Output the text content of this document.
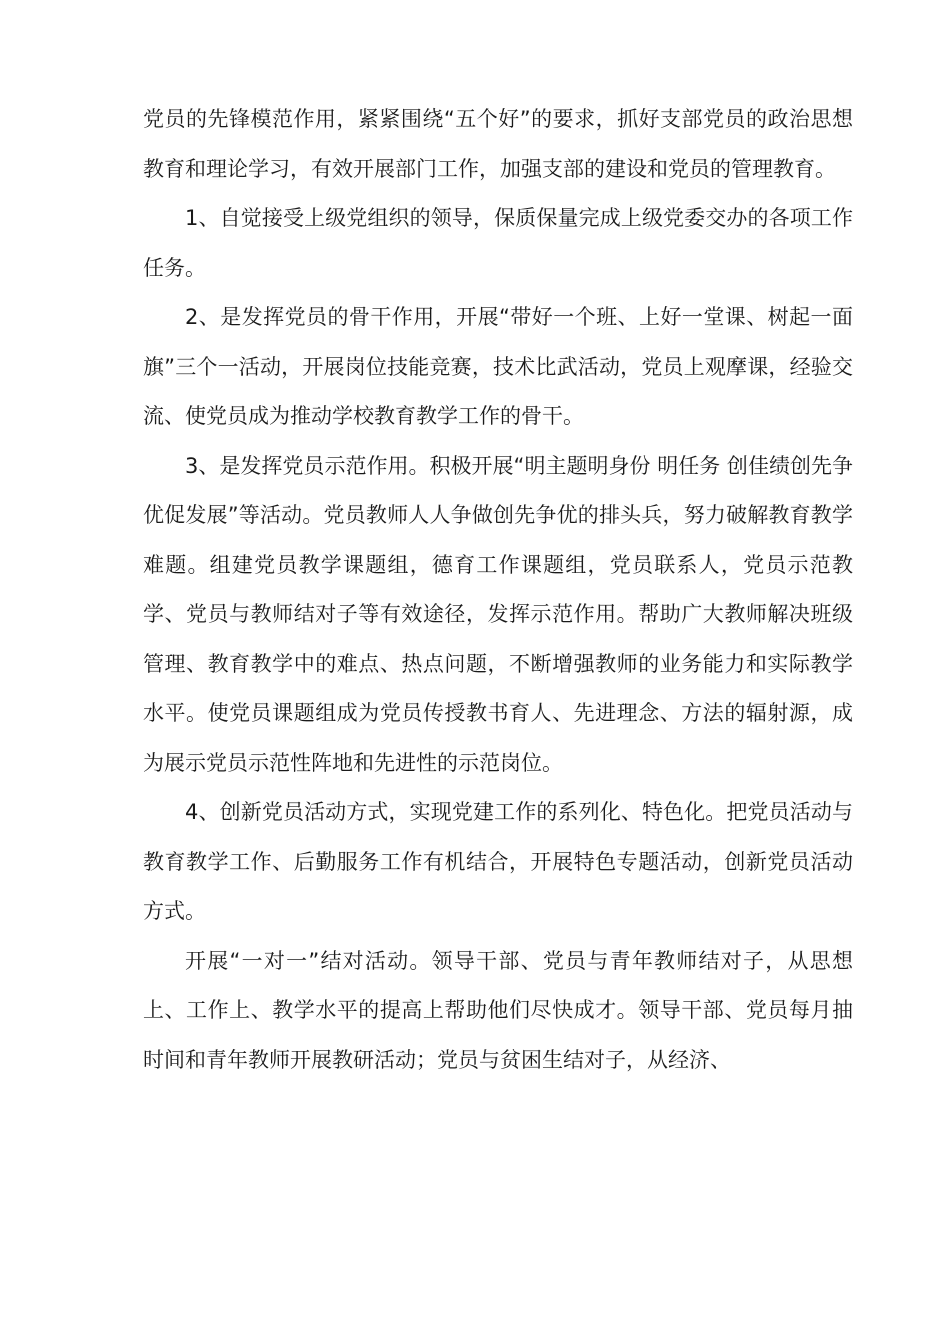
党员的先锋模范作用，紧紧围绕“五个好”的要求，抓好支部党员的政治思想教育和理论学习，有效开展部门工作，加强支部的建设和党员的管理教育。

1、自觉接受上级党组织的领导，保质保量完成上级党委交办的各项工作任务。

2、是发挥党员的骨干作用，开展“带好一个班、上好一堂课、树起一面旗”三个一活动，开展岗位技能竞赛，技术比武活动，党员上观摩课，经验交流、使党员成为推动学校教育教学工作的骨干。

3、是发挥党员示范作用。积极开展“明主题明身份 明任务 创佳绩创先争优促发展”等活动。党员教师人人争做创先争优的排头兵，努力破解教育教学难题。组建党员教学课题组，德育工作课题组，党员联系人，党员示范教学、党员与教师结对子等有效途径，发挥示范作用。帮助广大教师解决班级管理、教育教学中的难点、热点问题，不断增强教师的业务能力和实际教学水平。使党员课题组成为党员传授教书育人、先进理念、方法的辐射源，成为展示党员示范性阵地和先进性的示范岗位。

4、创新党员活动方式，实现党建工作的系列化、特色化。把党员活动与教育教学工作、后勤服务工作有机结合，开展特色专题活动，创新党员活动方式。

开展“一对一”结对活动。领导干部、党员与青年教师结对子，从思想上、工作上、教学水平的提高上帮助他们尽快成才。领导干部、党员每月抽时间和青年教师开展教研活动；党员与贫困生结对子，从经济、
